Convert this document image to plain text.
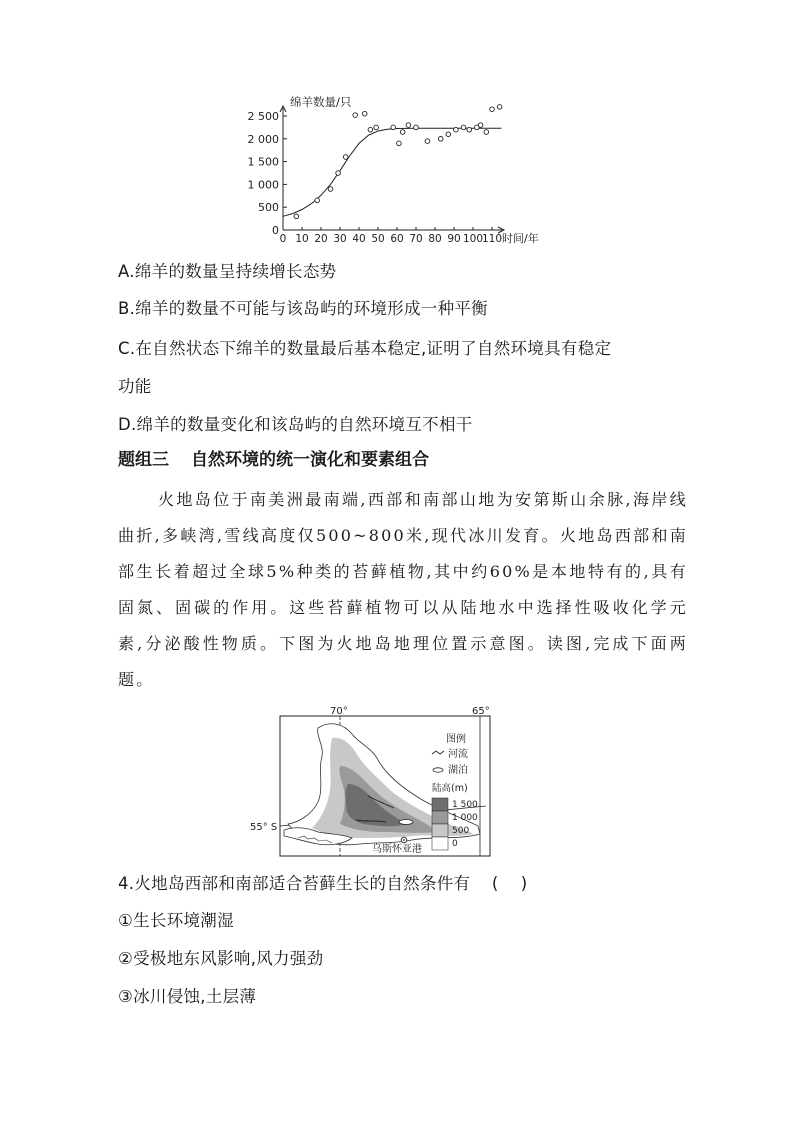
绵羊数量/只
0
500
1 000
1 500
2 000
2 500
0 10 20 30 40 50 60 70 80 90 100
110 时间/年
A.绵羊的数量呈持续增长态势
B.绵羊的数量不可能与该岛屿的环境形成一种平衡
C.在自然状态下绵羊的数量最后基本稳定,证明了自然环境具有稳定
功能
D.绵羊的数量变化和该岛屿的自然环境互不相干
题组三 自然环境的统一演化和要素组合
火地岛位于南美洲最南端,西部和南部山地为安第斯山余脉,海岸线曲折,多峡湾,雪线高度仅500~800米,现代冰川发育。火地岛西部和南部生长着超过全球5%种类的苔藓植物,其中约60%是本地特有的,具有固氮、固碳的作用。这些苔藓植物可以从陆地水中选择性吸收化学元素,分泌酸性物质。下图为火地岛地理位置示意图。读图,完成下面两题。
70°	65°
55° S
乌斯怀亚港
图例
河流
湖泊
陆高(m)
1 500
1 000
500
0
4.火地岛西部和南部适合苔藓生长的自然条件有 (    )
①生长环境潮湿
②受极地东风影响,风力强劲
③冰川侵蚀,土层薄
